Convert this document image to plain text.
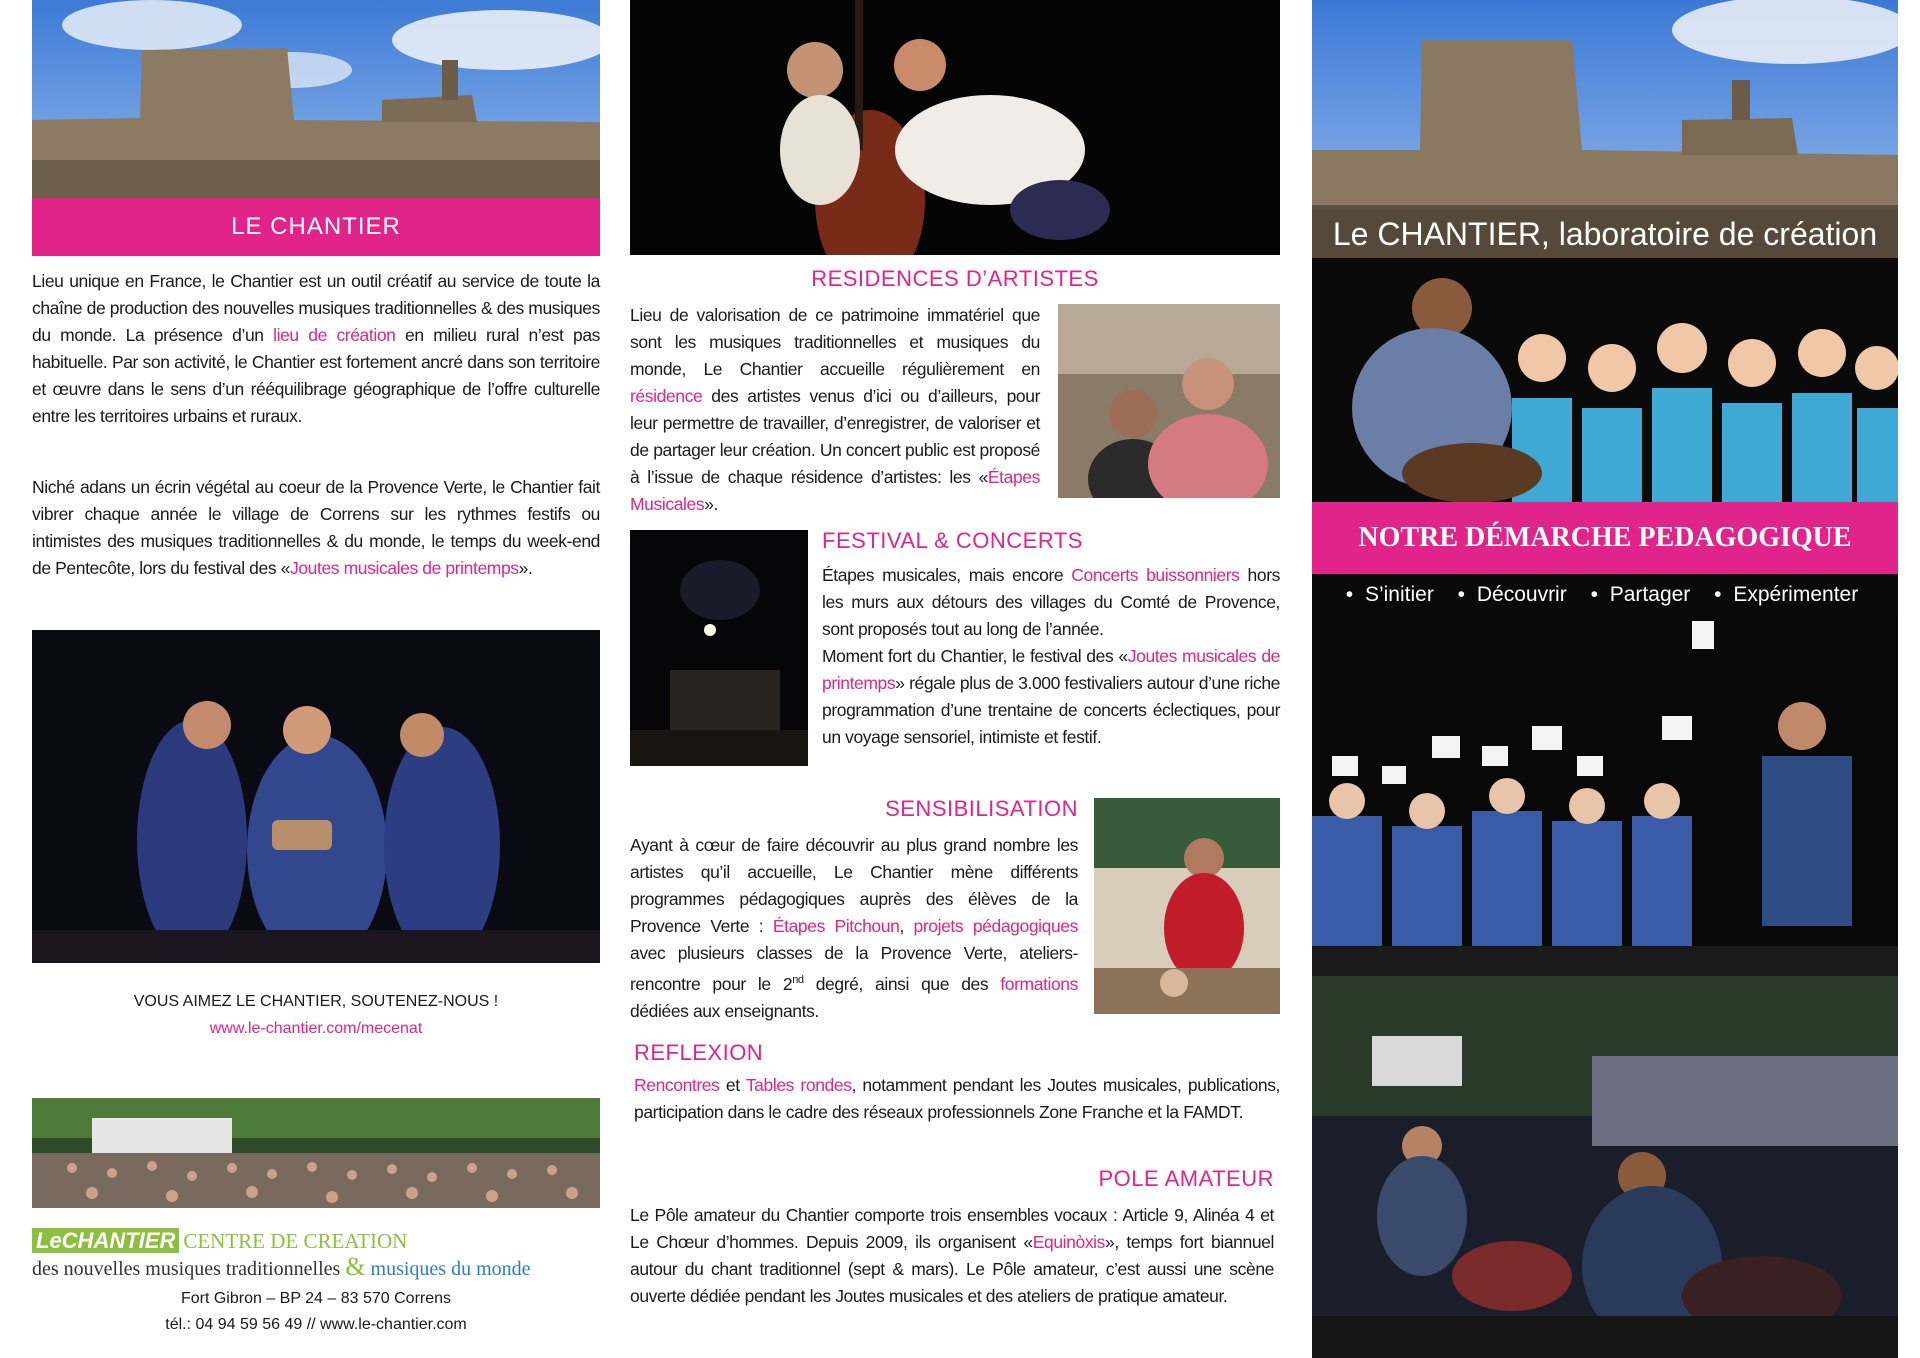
LE CHANTIER
Lieu unique en France, le Chantier est un outil créatif au service de toute la chaîne de production des nouvelles musiques traditionnelles & des musiques du monde. La présence d’un lieu de création en milieu rural n’est pas habituelle. Par son activité, le Chantier est fortement ancré dans son territoire et œuvre dans le sens d’un rééquilibrage géographique de l’offre culturelle entre les territoires urbains et ruraux.
Niché adans un écrin végétal au coeur de la Provence Verte, le Chantier fait vibrer chaque année le village de Correns sur les rythmes festifs ou intimistes des musiques traditionnelles & du monde, le temps du week-end de Pentecôte, lors du festival des «Joutes musicales de printemps».
VOUS AIMEZ LE CHANTIER, SOUTENEZ-NOUS !
www.le-chantier.com/mecenat
LeCHANTIER CENTRE DE CREATION
des nouvelles musiques traditionnelles & musiques du monde
Fort Gibron – BP 24 – 83 570 Correns
tél.: 04 94 59 56 49 // www.le-chantier.com
RESIDENCES D’ARTISTES
Lieu de valorisation de ce patrimoine immatériel que sont les musiques traditionnelles et musiques du monde, Le Chantier accueille régulièrement en résidence des artistes venus d’ici ou d’ailleurs, pour leur permettre de travailler, d’enregistrer, de valoriser et de partager leur création. Un concert public est proposé à l’issue de chaque résidence d’artistes: les «Étapes Musicales».
FESTIVAL & CONCERTS
Étapes musicales, mais encore Concerts buissonniers hors les murs aux détours des villages du Comté de Provence, sont proposés tout au long de l’année.
Moment fort du Chantier, le festival des «Joutes musicales de printemps» régale plus de 3.000 festivaliers autour d’une riche programmation d’une trentaine de concerts éclectiques, pour un voyage sensoriel, intimiste et festif.
SENSIBILISATION
Ayant à cœur de faire découvrir au plus grand nombre les artistes qu’il accueille, Le Chantier mène différents programmes pédagogiques auprès des élèves de la Provence Verte : Étapes Pitchoun, projets pédagogiques avec plusieurs classes de la Provence Verte, ateliers-rencontre pour le 2nd degré, ainsi que des formations dédiées aux enseignants.
REFLEXION
Rencontres et Tables rondes, notamment pendant les Joutes musicales, publications, participation dans le cadre des réseaux professionnels Zone Franche et la FAMDT.
POLE AMATEUR
Le Pôle amateur du Chantier comporte trois ensembles vocaux : Article 9, Alinéa 4 et Le Chœur d’hommes. Depuis 2009, ils organisent «Equinòxis», temps fort biannuel autour du chant traditionnel (sept & mars). Le Pôle amateur, c’est aussi une scène ouverte dédiée pendant les Joutes musicales et des ateliers de pratique amateur.
Le CHANTIER, laboratoire de création
NOTRE DÉMARCHE PEDAGOGIQUE
• S’initier • Découvrir • Partager • Expérimenter
